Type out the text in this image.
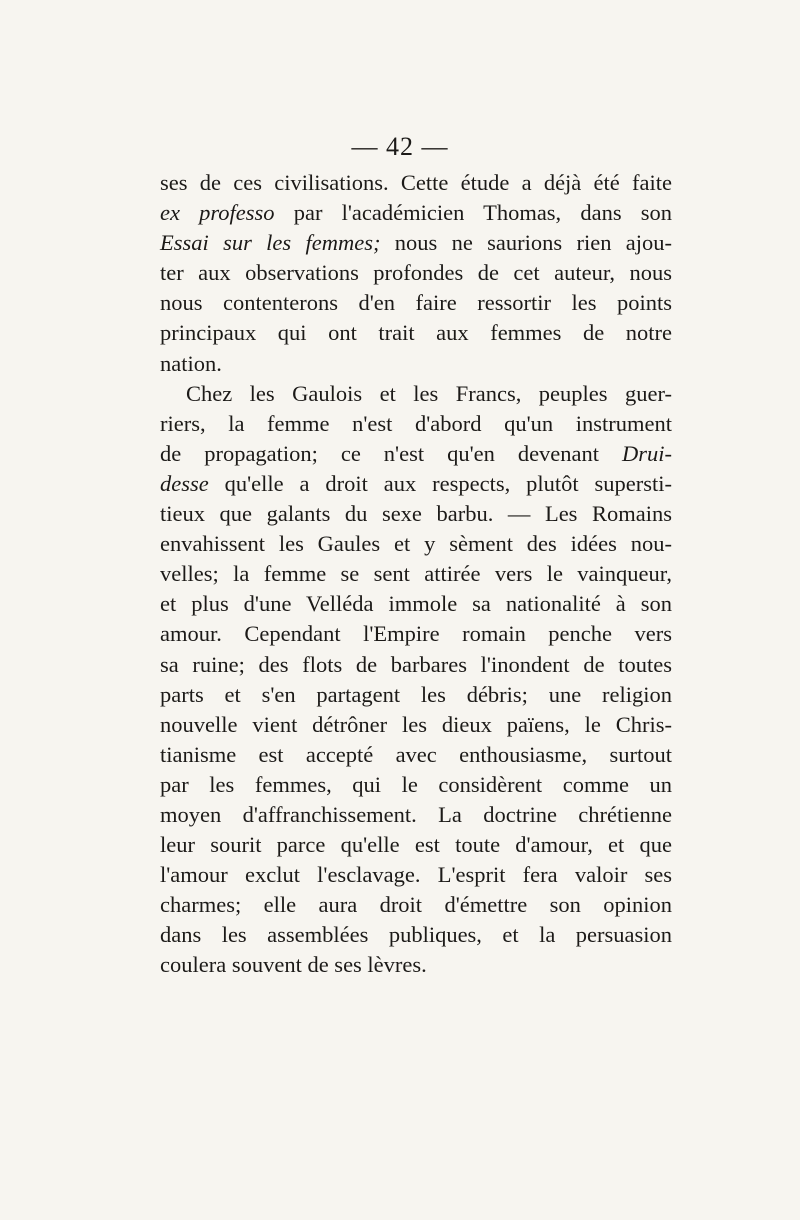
— 42 —
ses de ces civilisations. Cette étude a déjà été faite
ex professo par l'académicien Thomas, dans son
Essai sur les femmes; nous ne saurions rien ajou-
ter aux observations profondes de cet auteur, nous
nous contenterons d'en faire ressortir les points
principaux qui ont trait aux femmes de notre
nation.
Chez les Gaulois et les Francs, peuples guer-
riers, la femme n'est d'abord qu'un instrument
de propagation; ce n'est qu'en devenant Drui-
desse qu'elle a droit aux respects, plutôt supersti-
tieux que galants du sexe barbu. — Les Romains
envahissent les Gaules et y sèment des idées nou-
velles; la femme se sent attirée vers le vainqueur,
et plus d'une Velléda immole sa nationalité à son
amour. Cependant l'Empire romain penche vers
sa ruine; des flots de barbares l'inondent de toutes
parts et s'en partagent les débris; une religion
nouvelle vient détrôner les dieux païens, le Chris-
tianisme est accepté avec enthousiasme, surtout
par les femmes, qui le considèrent comme un
moyen d'affranchissement. La doctrine chrétienne
leur sourit parce qu'elle est toute d'amour, et que
l'amour exclut l'esclavage. L'esprit fera valoir ses
charmes; elle aura droit d'émettre son opinion
dans les assemblées publiques, et la persuasion
coulera souvent de ses lèvres.
